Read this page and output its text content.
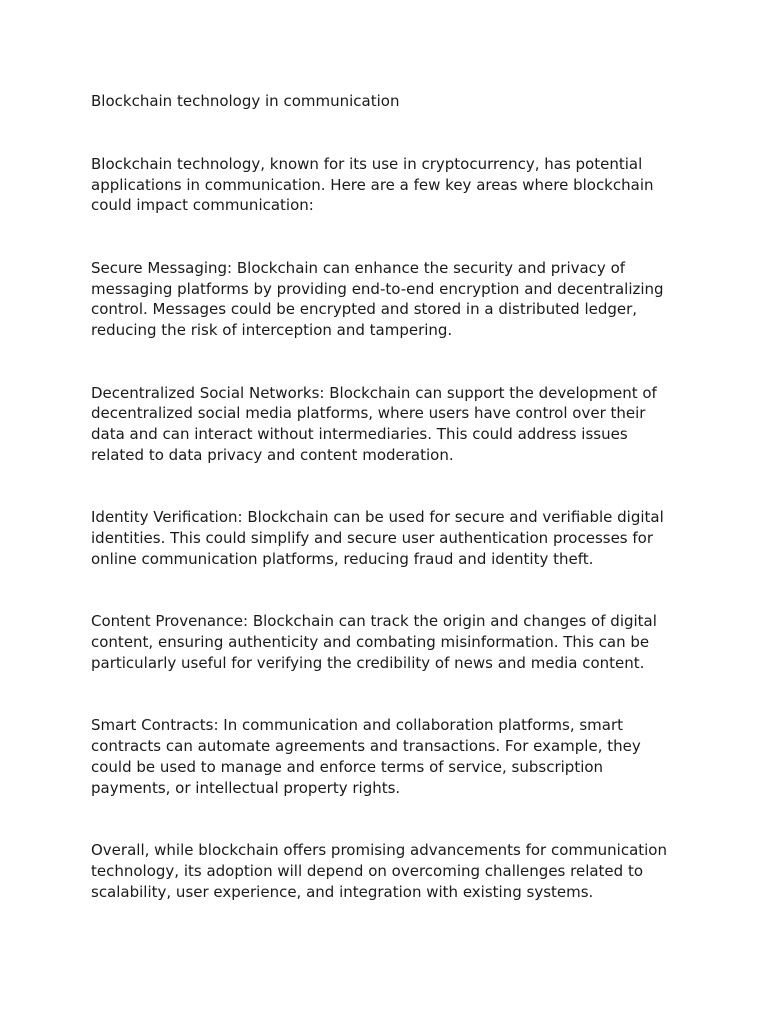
Blockchain technology in communication

Blockchain technology, known for its use in cryptocurrency, has potential applications in communication. Here are a few key areas where blockchain could impact communication:

Secure Messaging: Blockchain can enhance the security and privacy of messaging platforms by providing end-to-end encryption and decentralizing control. Messages could be encrypted and stored in a distributed ledger, reducing the risk of interception and tampering.

Decentralized Social Networks: Blockchain can support the development of decentralized social media platforms, where users have control over their data and can interact without intermediaries. This could address issues related to data privacy and content moderation.

Identity Verification: Blockchain can be used for secure and verifiable digital identities. This could simplify and secure user authentication processes for online communication platforms, reducing fraud and identity theft.

Content Provenance: Blockchain can track the origin and changes of digital content, ensuring authenticity and combating misinformation. This can be particularly useful for verifying the credibility of news and media content.

Smart Contracts: In communication and collaboration platforms, smart contracts can automate agreements and transactions. For example, they could be used to manage and enforce terms of service, subscription payments, or intellectual property rights.

Overall, while blockchain offers promising advancements for communication technology, its adoption will depend on overcoming challenges related to scalability, user experience, and integration with existing systems.
